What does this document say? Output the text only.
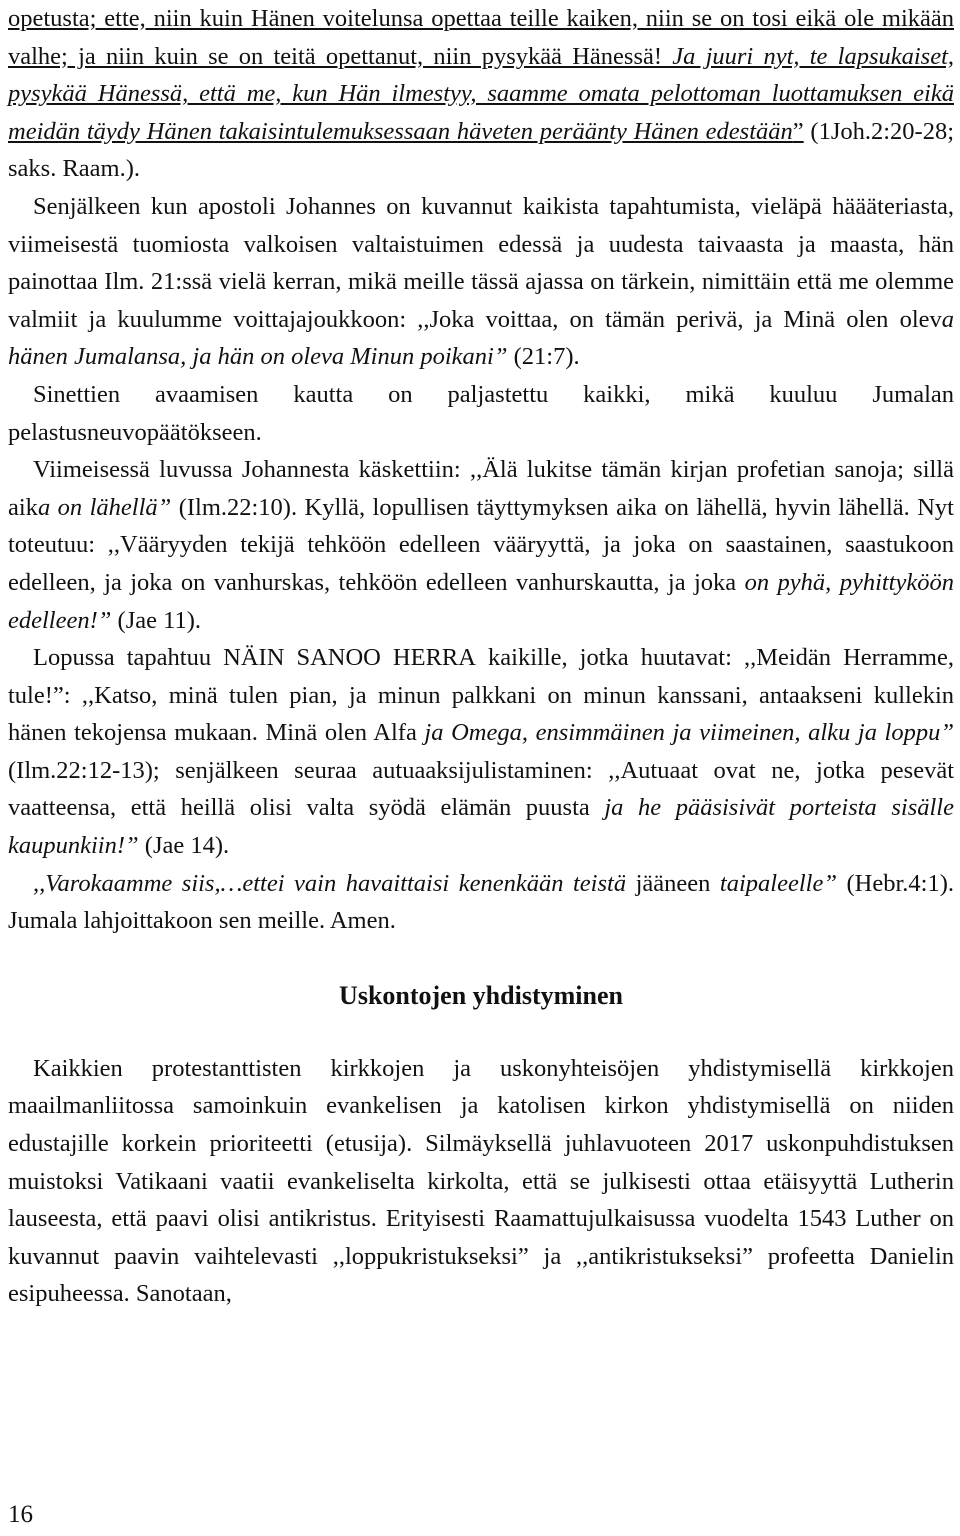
opetusta; ette, niin kuin Hänen voitelunsa opettaa teille kaiken, niin se on tosi eikä ole mikään valhe; ja niin kuin se on teitä opettanut, niin pysykää Hänessä! Ja juuri nyt, te lapsukaiset, pysykää Hänessä, että me, kun Hän ilmestyy, saamme omata pelottoman luottamuksen eikä meidän täydy Hänen takaisintulemuksessaan häveten peräänty Hänen edestään” (1Joh.2:20-28; saks. Raam.).

Senjälkeen kun apostoli Johannes on kuvannut kaikista tapahtumista, vieläpä häääteriasta, viimeisestä tuomiosta valkoisen valtaistuimen edessä ja uudesta taivaasta ja maasta, hän painottaa Ilm. 21:ssä vielä kerran, mikä meille tässä ajassa on tärkein, nimittäin että me olemme valmiit ja kuulumme voittajajoukkoon: ,,Joka voittaa, on tämän perivä, ja Minä olen oleva hänen Jumalansa, ja hän on oleva Minun poikani” (21:7).

Sinettien avaamisen kautta on paljastettu kaikki, mikä kuuluu Jumalan pelastusneuvopäätökseen.

Viimeisessä luvussa Johannesta käskettiin: ,,Älä lukitse tämän kirjan profetian sanoja; sillä aika on lähellä” (Ilm.22:10). Kyllä, lopullisen täyttymyksen aika on lähellä, hyvin lähellä. Nyt toteutuu: ,,Vääryyden tekijä tehköön edelleen vääryyttä, ja joka on saastainen, saastukoon edelleen, ja joka on vanhurskas, tehköön edelleen vanhurskautta, ja joka on pyhä, pyhittyköön edelleen!” (Jae 11).

Lopussa tapahtuu NÄIN SANOO HERRA kaikille, jotka huutavat: ,,Meidän Herramme, tule!”: ,,Katso, minä tulen pian, ja minun palkkani on minun kanssani, antaakseni kullekin hänen tekojensa mukaan. Minä olen Alfa ja Omega, ensimmäinen ja viimeinen, alku ja loppu” (Ilm.22:12-13); senjälkeen seuraa autuaaksijulistaminen: ,,Autuaat ovat ne, jotka pesevät vaatteensa, että heillä olisi valta syödä elämän puusta ja he pääsisivät porteista sisälle kaupunkiin!” (Jae 14).

,,Varokaamme siis,…ettei vain havaittaisi kenenkään teistä jääneen taipaleelle” (Hebr.4:1). Jumala lahjoittakoon sen meille. Amen.

Uskontojen yhdistyminen

Kaikkien protestanttisten kirkkojen ja uskonyhteisöjen yhdistymisellä kirkkojen maailmanliitossa samoinkuin evankelisen ja katolisen kirkon yhdistymisellä on niiden edustajille korkein prioriteetti (etusija). Silmäyksellä juhlavuoteen 2017 uskonpuhdistuksen muistoksi Vatikaani vaatii evankeliselta kirkolta, että se julkisesti ottaa etäisyyttä Lutherin lauseesta, että paavi olisi antikristus. Erityisesti Raamattujulkaisussa vuodelta 1543 Luther on kuvannut paavin vaihtelevasti ,,loppukristukseksi” ja ,,antikristukseksi” profeetta Danielin esipuheessa. Sanotaan,

16
